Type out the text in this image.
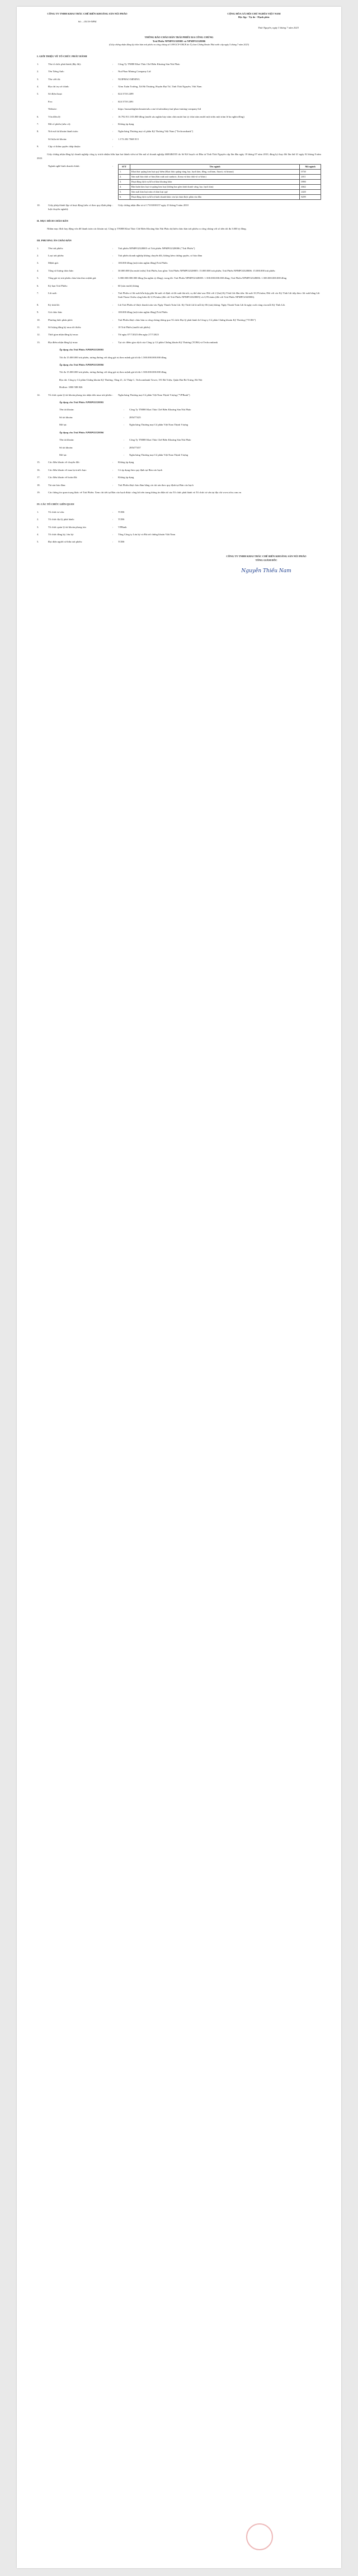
CÔNG TY TNHH KHAI THÁC CHẾ BIẾN KHOÁNG SẢN NÚI PHÁO
Số: ...05/19-NPM
CỘNG HÒA XÃ HỘI CHỦ NGHĨA VIỆT NAM
Độc lập - Tự do - Hạnh phúc
Thái Nguyên, ngày 5 tháng 7 năm 2023
THÔNG BÁO CHÀO BÁN TRÁI PHIẾU RA CÔNG CHÚNG
Trái Phiếu NPMPO2328005 và NPMPO2328006
(Giấy chứng nhận đăng ký chào bán trái phiếu ra công chúng số 109/GCN-UBCK do Ủy ban Chứng khoán Nhà nước cấp ngày 5 tháng 7 năm 2023)
I. GIỚI THIỆU VỀ TỔ CHỨC PHÁT HÀNH
1.	Tên tổ chức phát hành (đầy đủ):	:	Công Ty TNHH Khai Thác Chế Biến Khoáng Sản Núi Pháo
2.	Tên Tiếng Anh:	:	Nui Phao Mining Company Ltd
3.	Tên viết tắt:	:	NUIPHAO MINING
4.	Địa chỉ trụ sở chính:	:	Xóm Xuân Trường, Xã Hà Thượng, Huyện Đại Từ, Tỉnh Thái Nguyên, Việt Nam
5.	Số điện thoại:	:	024 3718 2499
Fax:	:	024 3718 2491
Website:	:	https://masanhightechmaterials.com/vi/subsidiary/nui-phao-mining-company-ltd
6.	Vốn điều lệ:	:	16.792.911.103.000 đồng (mười sáu nghìn bảy trăm chín mươi hai tỷ chín trăm mười một triệu một trăm lẻ ba nghìn đồng)
7.	Mã cổ phiếu (nếu có):	:	Không áp dụng
8.	Nơi mở tài khoản thanh toán:	:	Ngân hàng Thương mại cổ phần Kỹ Thương Việt Nam ("Techcombank")
Số hiệu tài khoản:	:	1.172.202 7668 013
9.	Cấp có thẩm quyền chấp thuận:	:
Giấy chứng nhận đăng ký doanh nghiệp công ty trách nhiệm hữu hạn hai thành viên trở lên mã số doanh nghiệp 4600484555 do Sở Kế hoạch và Đầu tư Tỉnh Thái Nguyên cấp lần đầu ngày 18 tháng 07 năm 2010, đăng ký thay đổi lần thứ 41 ngày 02 tháng 8 năm 2022.
Ngành nghề kinh doanh chính:	:	STT	Tên ngành	Mã ngành
1.	Khai thác quặng kim loại quý hiếm (Khai thác quặng vàng, bạc, bạch kim, đồng, wolfram, fluorit, và bismut)	0730
2.	Sản xuất hóa chất cơ bản (Sản xuất axit sunfuric, florua và hóa chất vô cơ khác)	2011
3.	Hoạt động dịch vụ hỗ trợ khai khoáng khác	0990
4.	Bán buôn kim loại và quặng kim loại (không bao gồm kinh doanh vàng, bạc, bạch kim)	4662
5.	Sản xuất kim loại màu và kim loại quý	2420
6.	Hoạt động dịch vụ hỗ trợ kinh doanh khác còn lại chưa được phân vào đâu	8299
10.	Giấy phép thành lập và hoạt động (nếu có theo quy định pháp luật chuyên ngành):
:	Giấy chứng nhận đầu tư số 17101000157 ngày 23 tháng 9 năm 2010
II. MỤC ĐÍCH CHÀO BÁN
Nhằm mục đích huy động vốn để thanh toán các khoản nợ, Công ty TNHH Khai Thác Chế Biến Khoáng Sản Núi Pháo dự kiến chào bán trái phiếu ra công chúng với số tiền tối đa 3.000 tỷ đồng.
III. PHƯƠNG ÁN CHÀO BÁN
1.	Tên trái phiếu:	:	Trái phiếu NPMPO2328005 và Trái phiếu NPMPO2328006 ("Trái Phiếu")
2.	Loại trái phiếu:	:	Trái phiếu doanh nghiệp không chuyển đổi, không kèm chứng quyền, có bảo đảm
3.	Mệnh giá:	:	100.000 đồng (một trăm nghìn đồng)/Trái Phiếu
4.	Tổng số lượng chào bán:	:	30.000.000 (ba mươi triệu) Trái Phiếu, bao gồm: Trái Phiếu NPMPO2328005: 15.000.000 trái phiếu; Trái Phiếu NPMPO2328006: 15.000.000 trái phiếu
5.	Tổng giá trị trái phiếu chào bán theo mệnh giá:	:	3.000.000.000.000 đồng (ba nghìn tỷ đồng), trong đó: Trái Phiếu NPMPO2328005: 1.500.000.000.000 đồng; Trái Phiếu NPMPO2328006: 1.500.000.000.000 đồng
6.	Kỳ hạn Trái Phiếu:	:	60 (sáu mươi) tháng
7.	Lãi suất:	:	Trái Phiếu có lãi suất hỗn hợp giữa lãi suất cố định và lãi suất thả nổi, cụ thể như sau: Đối với 2 (hai) Kỳ Tính Lãi đầu tiên: lãi suất 10,5%/năm; Đối với các Kỳ Tính Lãi tiếp theo: lãi suất bằng Lãi Suất Tham Chiếu cộng biên độ 3,5%/năm (đối với Trái Phiếu NPMPO2328005) và 3,9%/năm (đối với Trái Phiếu NPMPO2328006).
8.	Kỳ tính lãi:	:	Lãi Trái Phiếu sẽ được thanh toán vào Ngày Thanh Toán Lãi. Kỳ Tính Lãi là mỗi kỳ 06 (sáu) tháng. Ngày Thanh Toán Lãi là ngày cuối cùng của mỗi Kỳ Tính Lãi.
9.	Giá chào bán:	:	100.000 đồng (một trăm nghìn đồng)/Trái Phiếu
10.	Phương thức phân phối:	:	Trái Phiếu được chào bán ra công chúng thông qua Tổ chức Đại lý phát hành là Công ty Cổ phần Chứng khoán Kỹ Thương ("TCBS")
11.	Số lượng đăng ký mua tối thiểu:	:	10 Trái Phiếu (mười trái phiếu)
12.	Thời gian nhận đăng ký mua:	:	Từ ngày 07/7/2023 đến ngày 27/7/2023
13.	Địa điểm nhận đăng ký mua:	:	Tại các điểm giao dịch của Công ty Cổ phần Chứng khoán Kỹ Thương (TCBS) và Techcombank
Áp dụng cho Trái Phiếu NPMPO2328005
Tối đa 15.000.000 trái phiếu, tương đương với tổng giá trị theo mệnh giá tối đa 1.500.000.000.000 đồng
Áp dụng cho Trái Phiếu NPMPO2328006
Tối đa 15.000.000 trái phiếu, tương đương với tổng giá trị theo mệnh giá tối đa 1.500.000.000.000 đồng
Địa chỉ: Công ty Cổ phần Chứng khoán Kỹ Thương, Tầng 21, 22 Tháp C, Techcombank Tower, 191 Bà Triệu, Quận Hai Bà Trưng, Hà Nội
Hotline: 1800 588 826
14.	Tổ chức quản lý tài khoản phong tỏa nhận tiền mua trái phiếu: :	Ngân hàng Thương mại Cổ phần Việt Nam Thịnh Vượng ("VPBank")
Áp dụng cho Trái Phiếu NPMPO2328005
Tên tài khoản:	:	Công Ty TNHH Khai Thác Chế Biến Khoáng Sản Núi Pháo
Số tài khoản:	:	285477425
Mở tại:	:	Ngân hàng Thương mại Cổ phần Việt Nam Thịnh Vượng
Áp dụng cho Trái Phiếu NPMPO2328006
Tên tài khoản:	:	Công Ty TNHH Khai Thác Chế Biến Khoáng Sản Núi Pháo
Số tài khoản:	:	285477437
Mở tại:	:	Ngân hàng Thương mại Cổ phần Việt Nam Thịnh Vượng
15.	Các điều khoản về chuyển đổi:	:	Không áp dụng
16.	Các điều khoản về mua lại trước hạn:	:	Có áp dụng theo quy định tại Bản cáo bạch
17.	Các điều khoản về hoán đổi:	:	Không áp dụng
18.	Tài sản bảo đảm:	:	Trái Phiếu được bảo đảm bằng các tài sản theo quy định tại Bản cáo bạch
19.	Các thông tin quan trọng khác về Trái Phiếu: Xem chi tiết tại Bản cáo bạch được công bố trên trang thông tin điện tử của Tổ chức phát hành và Tổ chức tư vấn tại địa chỉ www.tcbs.com.vn
IV. CÁC TỔ CHỨC LIÊN QUAN
1.	Tổ chức tư vấn:	:	TCBS
2.	Tổ chức đại lý phát hành:	:	TCBS
3.	Tổ chức quản lý tài khoản phong tỏa:	:	VPBank
4.	Tổ chức đăng ký, lưu ký:	:	Tổng Công ty Lưu ký và Bù trừ chứng khoán Việt Nam
5.	Đại diện người sở hữu trái phiếu:	:	TCBS
CÔNG TY TNHH KHAI THÁC CHẾ BIẾN KHOÁNG SẢN NÚI PHÁO
TỔNG GIÁM ĐỐC
Nguyễn Thiều Nam
